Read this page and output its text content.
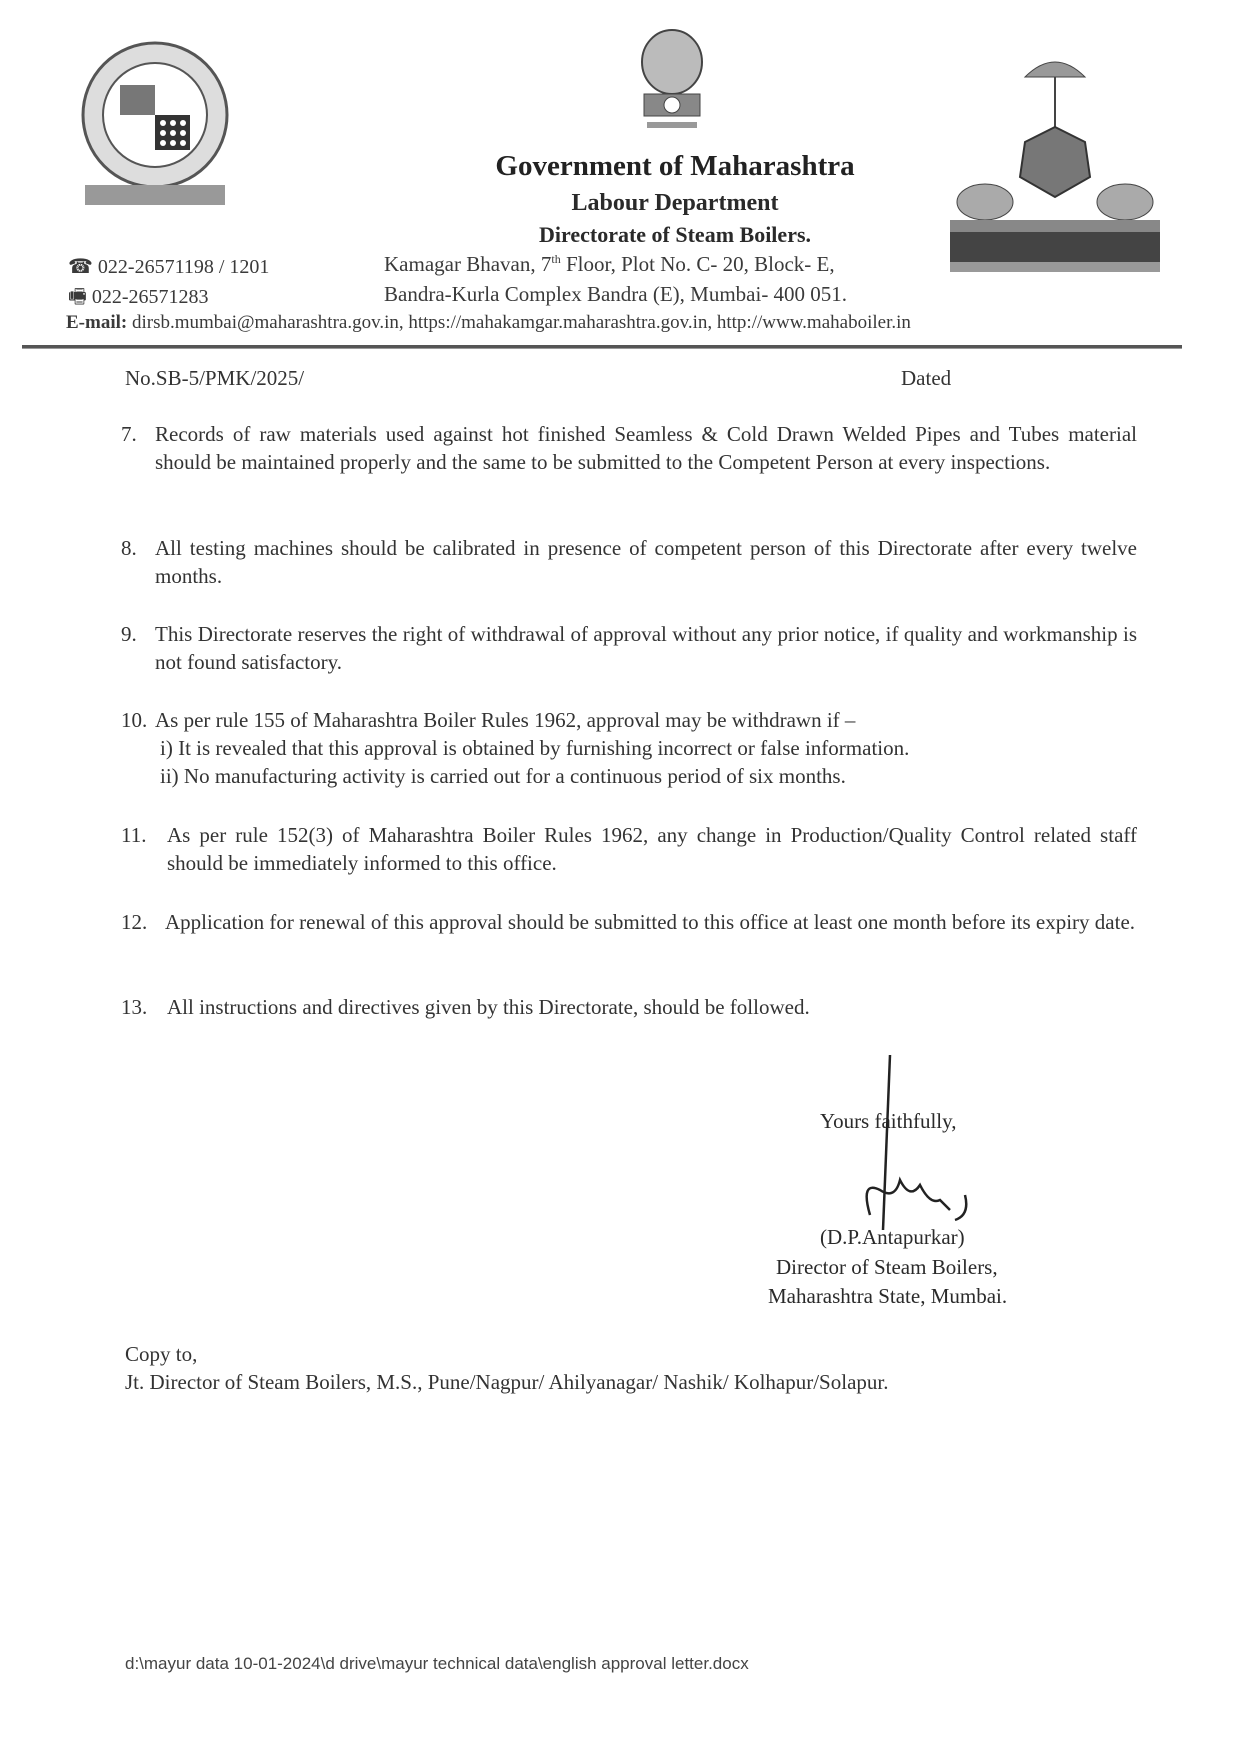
Government of Maharashtra
Labour Department
Directorate of Steam Boilers.
☎ 022-26571198 / 1201
🖷 022-26571283
Kamagar Bhavan, 7th Floor, Plot No. C- 20, Block- E,
Bandra-Kurla Complex Bandra (E), Mumbai- 400 051.
E-mail: dirsb.mumbai@maharashtra.gov.in, https://mahakamgar.maharashtra.gov.in, http://www.mahaboiler.in
No.SB-5/PMK/2025/	Dated
7. Records of raw materials used against hot finished Seamless & Cold Drawn Welded Pipes and Tubes material should be maintained properly and the same to be submitted to the Competent Person at every inspections.
8. All testing machines should be calibrated in presence of competent person of this Directorate after every twelve months.
9. This Directorate reserves the right of withdrawal of approval without any prior notice, if quality and workmanship is not found satisfactory.
10. As per rule 155 of Maharashtra Boiler Rules 1962, approval may be withdrawn if –
i) It is revealed that this approval is obtained by furnishing incorrect or false information.
ii) No manufacturing activity is carried out for a continuous period of six months.
11. As per rule 152(3) of Maharashtra Boiler Rules 1962, any change in Production/Quality Control related staff should be immediately informed to this office.
12. Application for renewal of this approval should be submitted to this office at least one month before its expiry date.
13. All instructions and directives given by this Directorate, should be followed.
Yours faithfully,
(D.P.Antapurkar)
Director of Steam Boilers,
Maharashtra State, Mumbai.
Copy to,
Jt. Director of Steam Boilers, M.S., Pune/Nagpur/ Ahilyanagar/ Nashik/ Kolhapur/Solapur.
d:\mayur data 10-01-2024\d drive\mayur technical data\english approval letter.docx
